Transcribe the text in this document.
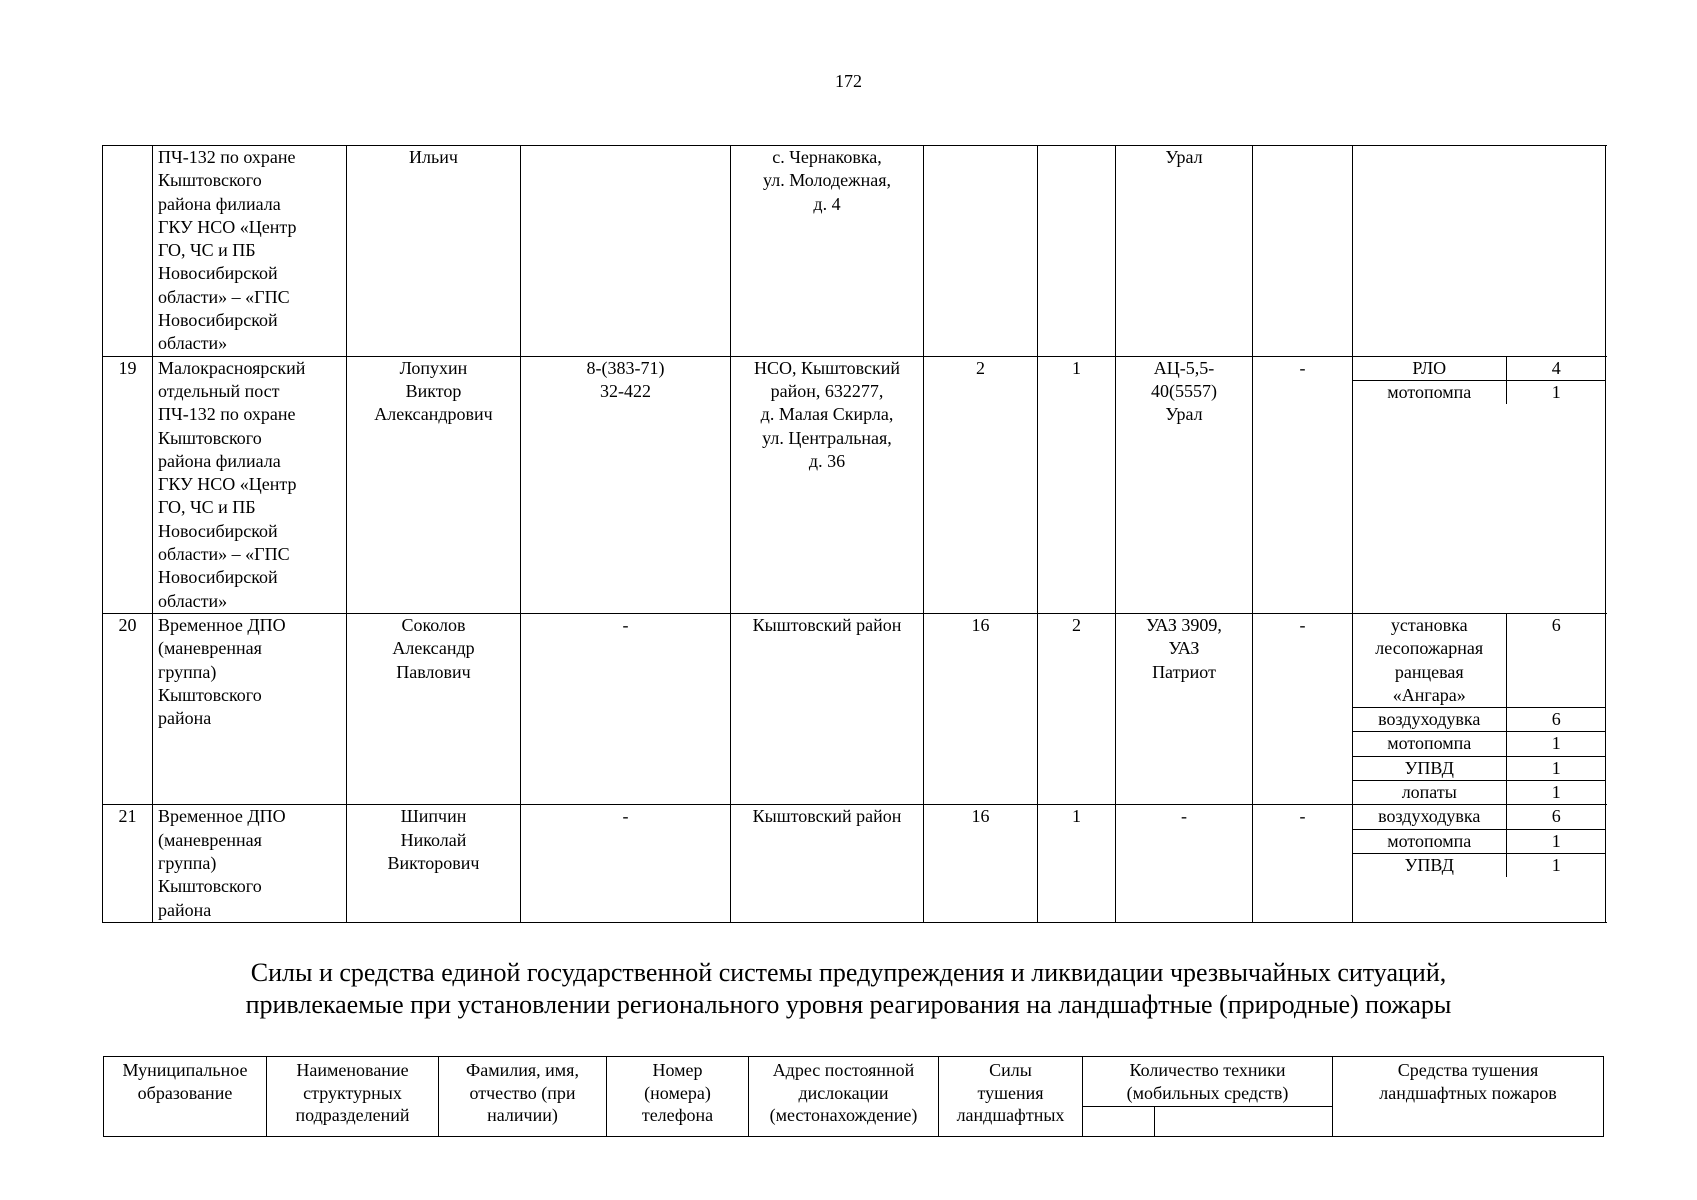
172
	ПЧ-132 по охране
Кыштовского
района филиала
ГКУ НСО «Центр
ГО, ЧС и ПБ
Новосибирской
области» – «ГПС
Новосибирской
области»	Ильич		с. Чернаковка,
ул. Молодежная,
д. 4			Урал		
19	Малокрасноярский
отдельный пост
ПЧ-132 по охране
Кыштовского
района филиала
ГКУ НСО «Центр
ГО, ЧС и ПБ
Новосибирской
области» – «ГПС
Новосибирской
области»	Лопухин
Виктор
Александрович	8-(383-71)
32-422	НСО, Кыштовский
район, 632277,
д. Малая Скирла,
ул. Центральная,
д. 36	2	1	АЦ-5,5-
40(5557)
Урал	-		РЛО	4
мотопомпа	1

20	Временное ДПО
(маневренная
группа)
Кыштовского
района	Соколов
Александр
Павлович	-	Кыштовский район	16	2	УАЗ 3909,
УАЗ
Патриот	-		установка
лесопожарная
ранцевая
«Ангара»	6
воздуходувка	6
мотопомпа	1
УПВД	1
лопаты	1

21	Временное ДПО
(маневренная
группа)
Кыштовского
района	Шипчин
Николай
Викторович	-	Кыштовский район	16	1	-	-		воздуходувка	6
мотопомпа	1
УПВД	1
Силы и средства единой государственной системы предупреждения и ликвидации чрезвычайных ситуаций,
привлекаемые при установлении регионального уровня реагирования на ландшафтные (природные) пожары
Муниципальное
образование	Наименование
структурных
подразделений	Фамилия, имя,
отчество (при
наличии)	Номер
(номера)
телефона	Адрес постоянной
дислокации
(местонахождение)	Силы
тушения
ландшафтных	Количество техники
(мобильных средств)		Средства тушения
ландшафтных пожаров
